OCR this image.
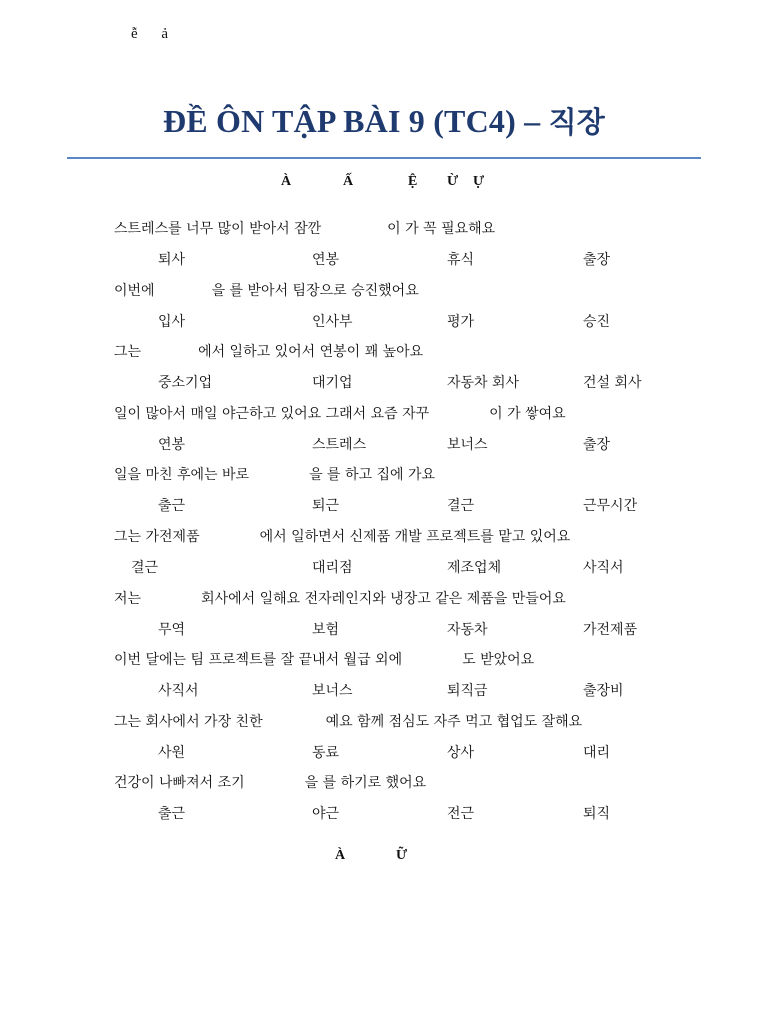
ễ ả
ĐỀ ÔN TẬP BÀI 9 (TC4) – 직장
À	Ấ	Ệ Ừ Ự
스트레스를 너무 많이 받아서 잠깐	이 가 꼭 필요해요
퇴사	연봉	휴식	출장
이번에	을 를 받아서 팀장으로 승진했어요
입사	인사부	평가	승진
그는	에서 일하고 있어서 연봉이 꽤 높아요
중소기업	대기업	자동차 회사	건설 회사
일이 많아서 매일 야근하고 있어요 그래서 요즘 자꾸	이 가 쌓여요
연봉	스트레스	보너스	출장
일을 마친 후에는 바로	을 를 하고 집에 가요
출근	퇴근	결근	근무시간
그는 가전제품	에서 일하면서 신제품 개발 프로젝트를 맡고 있어요
결근	대리점	제조업체	사직서
저는	회사에서 일해요 전자레인지와 냉장고 같은 제품을 만들어요
무역	보험	자동차	가전제품
이번 달에는 팀 프로젝트를 잘 끝내서 월급 외에	도 받았어요
사직서	보너스	퇴직금	출장비
그는 회사에서 가장 친한	예요 함께 점심도 자주 먹고 협업도 잘해요
사원	동료	상사	대리
건강이 나빠져서 조기	을 를 하기로 했어요
출근	야근	전근	퇴직
À	Ữ
